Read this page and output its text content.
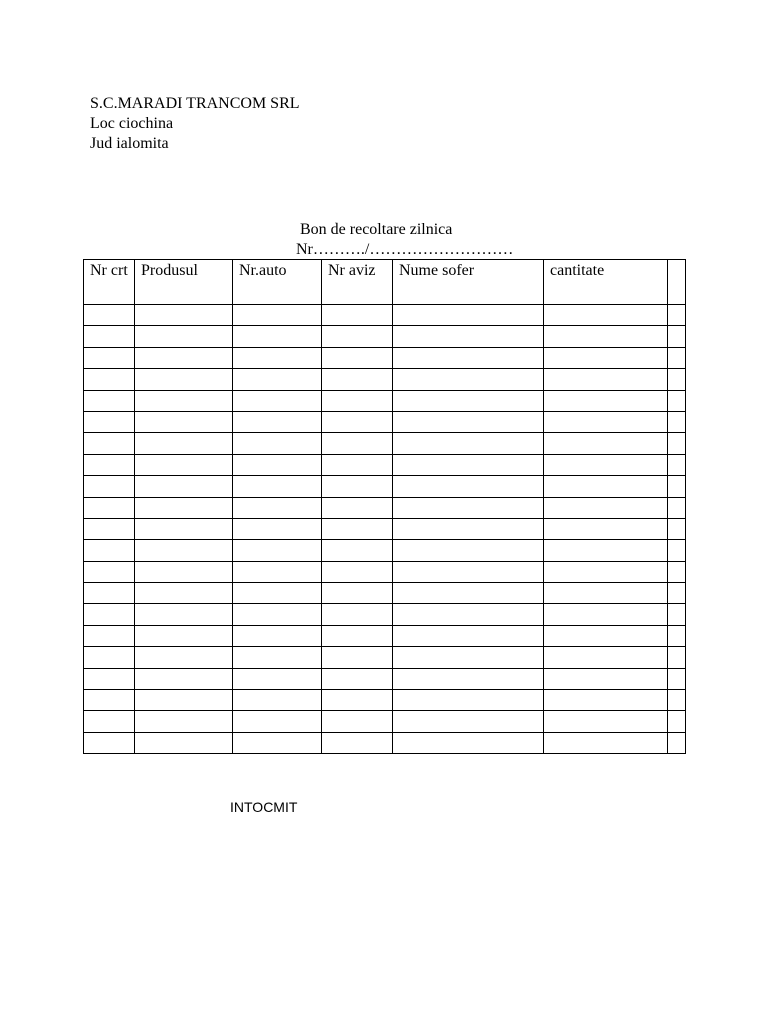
S.C.MARADI TRANCOM SRL
Loc ciochina
Jud ialomita
Bon de recoltare zilnica
Nr………./………………………
Nr crt	Produsul	Nr.auto	Nr aviz	Nume sofer	cantitate	

INTOCMIT
